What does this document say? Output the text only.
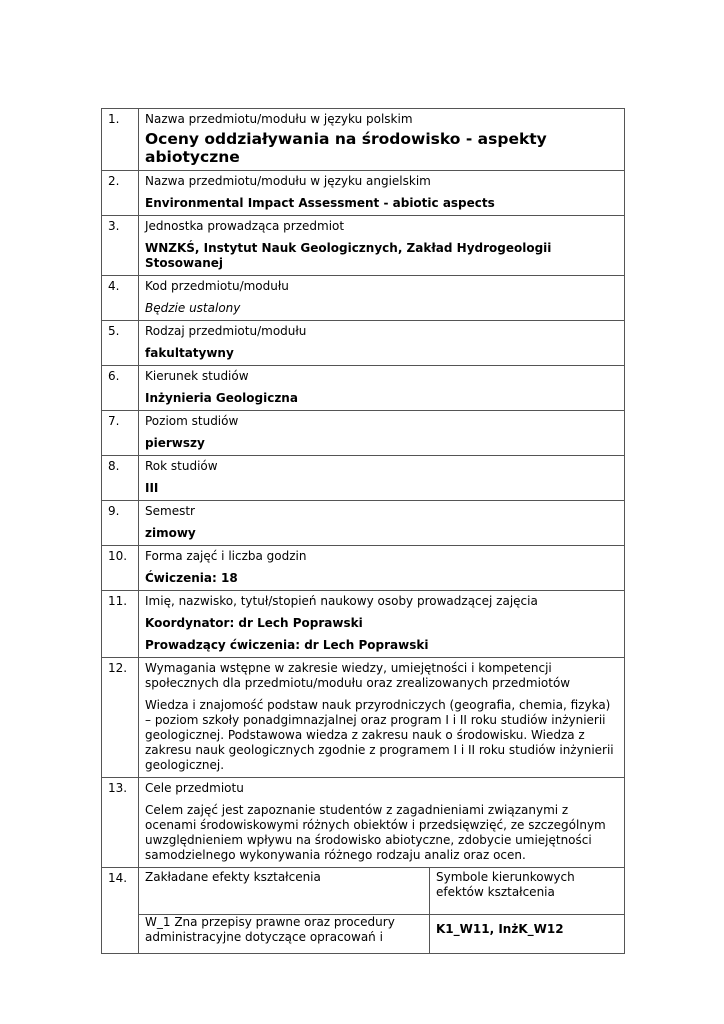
1.	Nazwa przedmiotu/modułu w języku polskim
Oceny oddziaływania na środowisko - aspekty abiotyczne	

2.	Nazwa przedmiotu/modułu w języku angielskim
Environmental Impact Assessment - abiotic aspects	

3.	Jednostka prowadząca przedmiot
WNZKŚ, Instytut Nauk Geologicznych, Zakład Hydrogeologii Stosowanej	

4.	Kod przedmiotu/modułu
Będzie ustalony	

5.	Rodzaj przedmiotu/modułu
fakultatywny	

6.	Kierunek studiów
Inżynieria Geologiczna	

7.	Poziom studiów
pierwszy	

8.	Rok studiów
III	

9.	Semestr
zimowy	

10.	Forma zajęć i liczba godzin
Ćwiczenia: 18	

11.	Imię, nazwisko, tytuł/stopień naukowy osoby prowadzącej zajęcia
Koordynator: dr Lech Poprawski
Prowadzący ćwiczenia: dr Lech Poprawski	

12.	Wymagania wstępne w zakresie wiedzy, umiejętności i kompetencji społecznych dla przedmiotu/modułu oraz zrealizowanych przedmiotów
Wiedza i znajomość podstaw nauk przyrodniczych (geografia, chemia, fizyka) – poziom szkoły ponadgimnazjalnej oraz program I i II roku studiów inżynierii geologicznej. Podstawowa wiedza z zakresu nauk o środowisku. Wiedza z zakresu nauk geologicznych zgodnie z programem I i II roku studiów inżynierii geologicznej.	

13.	Cele przedmiotu
Celem zajęć jest zapoznanie studentów z zagadnieniami związanymi z ocenami środowiskowymi różnych obiektów i przedsięwzięć, ze szczególnym uwzględnieniem wpływu na środowisko abiotyczne, zdobycie umiejętności samodzielnego wykonywania różnego rodzaju analiz oraz ocen.	

14.	Zakładane efekty kształcenia	Symbole kierunkowych efektów kształcenia
	W_1 Zna przepisy prawne oraz procedury administracyjne dotyczące opracowań i	K1_W11, InżK_W12
